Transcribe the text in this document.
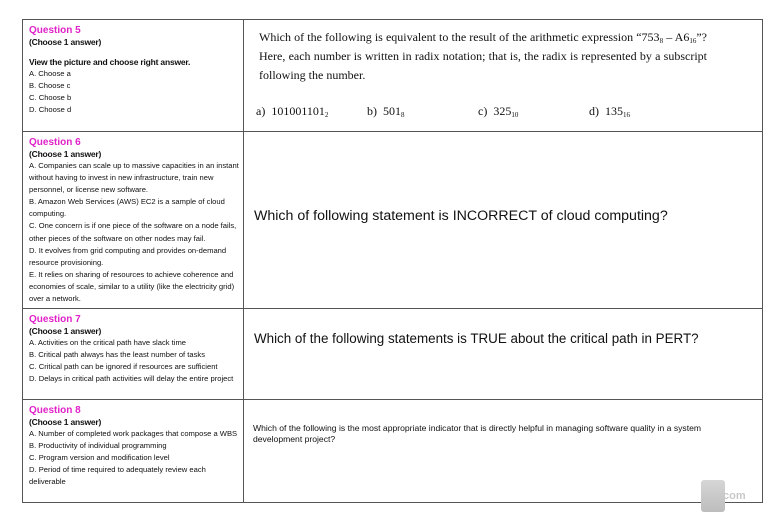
Question 5
(Choose 1 answer)
View the picture and choose right answer.
A. Choose a
B. Choose c
C. Choose b
D. Choose d
Which of the following is equivalent to the result of the arithmetic expression “$753_8 - A6_{16}$”? Here, each number is written in radix notation; that is, the radix is represented by a subscript following the number.
a) $101001101_2$	b) $501_8$	c) $325_{10}$	d) $135_{16}$
Question 6
(Choose 1 answer)
A. Companies can scale up to massive capacities in an instant without having to invest in new infrastructure, train new personnel, or license new software.
B. Amazon Web Services (AWS) EC2 is a sample of cloud computing.
C. One concern is if one piece of the software on a node fails, other pieces of the software on other nodes may fail.
D. It evolves from grid computing and provides on-demand resource provisioning.
E. It relies on sharing of resources to achieve coherence and economies of scale, similar to a utility (like the electricity grid) over a network.
Which of following statement is INCORRECT of cloud computing?
Question 7
(Choose 1 answer)
A. Activities on the critical path have slack time
B. Critical path always has the least number of tasks
C. Critical path can be ignored if resources are sufficient
D. Delays in critical path activities will delay the entire project
Which of the following statements is TRUE about the critical path in PERT?
Question 8
(Choose 1 answer)
A. Number of completed work packages that compose a WBS
B. Productivity of individual programming
C. Program version and modification level
D. Period of time required to adequately review each deliverable
Which of the following is the most appropriate indicator that is directly helpful in managing software quality in a system development project?
com
